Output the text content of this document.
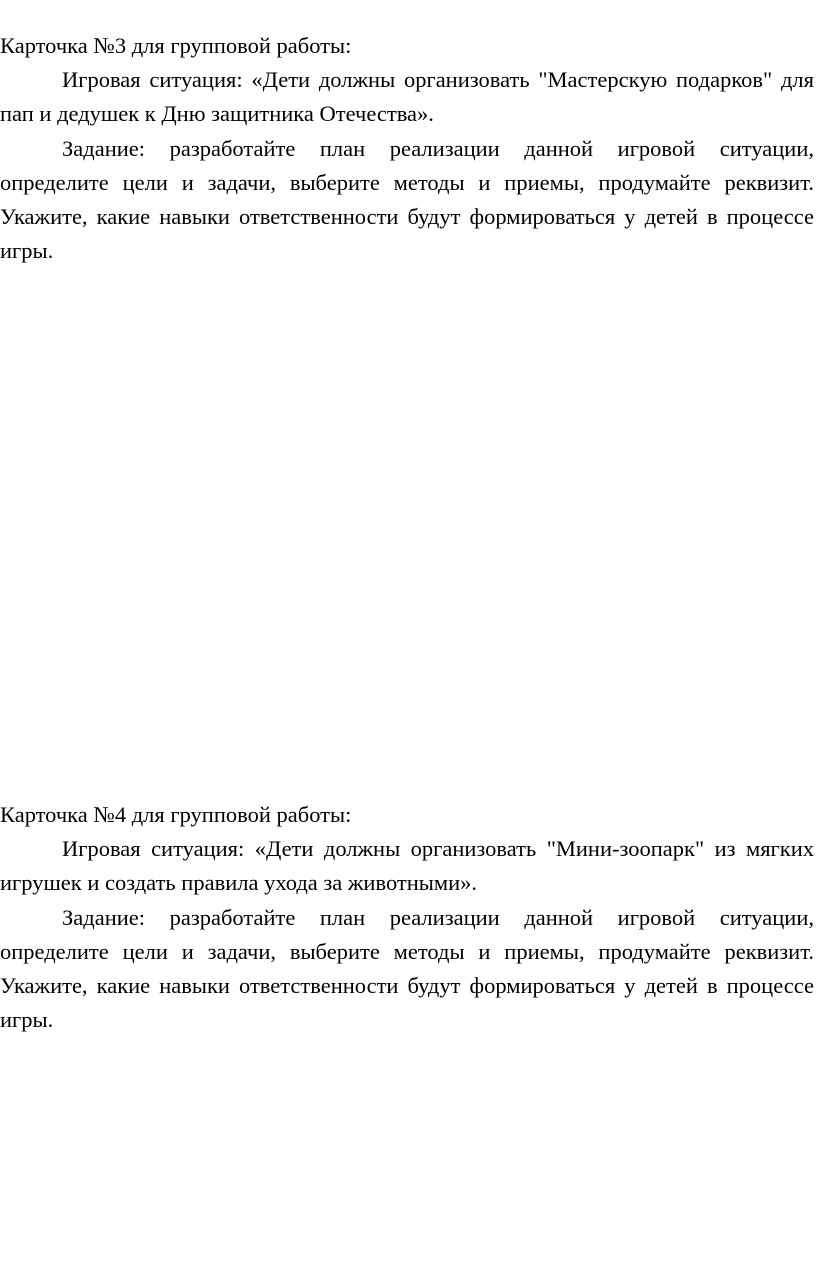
Карточка №3 для групповой работы:

Игровая ситуация: «Дети должны организовать "Мастерскую подарков" для пап и дедушек к Дню защитника Отечества».

Задание: разработайте план реализации данной игровой ситуации, определите цели и задачи, выберите методы и приемы, продумайте реквизит. Укажите, какие навыки ответственности будут формироваться у детей в процессе игры.

Карточка №4 для групповой работы:

Игровая ситуация: «Дети должны организовать "Мини-зоопарк" из мягких игрушек и создать правила ухода за животными».

Задание: разработайте план реализации данной игровой ситуации, определите цели и задачи, выберите методы и приемы, продумайте реквизит. Укажите, какие навыки ответственности будут формироваться у детей в процессе игры.
